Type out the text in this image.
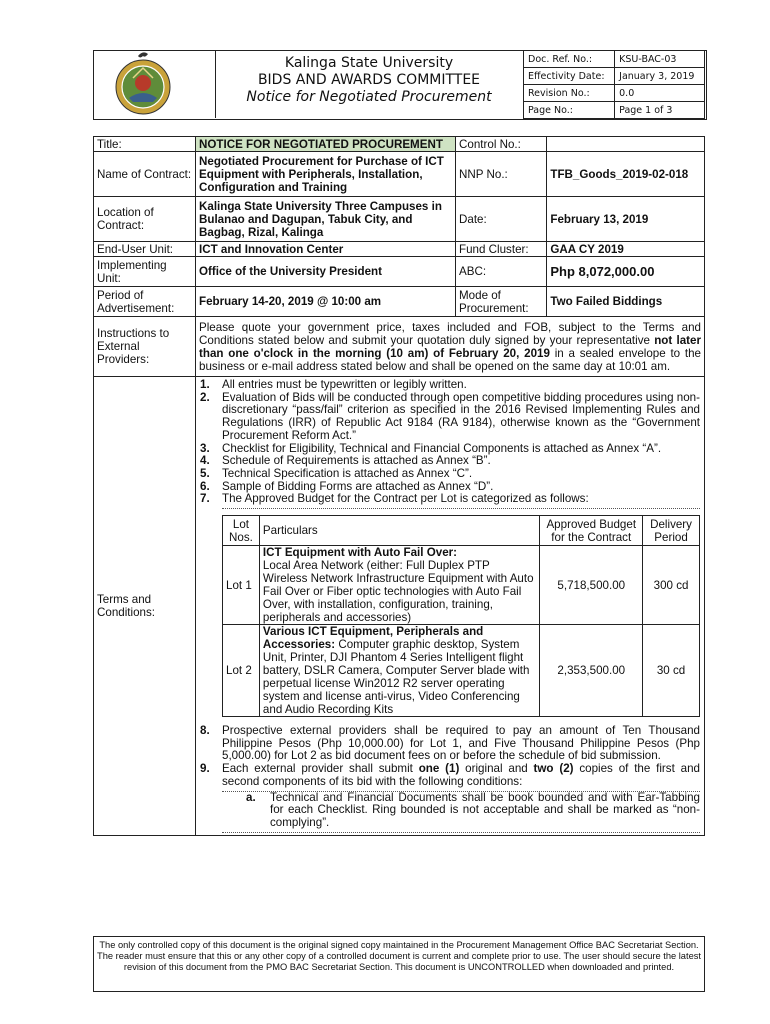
Kalinga State University
BIDS AND AWARDS COMMITTEE
Notice for Negotiated Procurement
Doc. Ref. No.:	KSU-BAC-03
Effectivity Date:	January 3, 2019
Revision No.:	0.0
Page No.:	Page 1 of 3
Title:	NOTICE FOR NEGOTIATED PROCUREMENT	Control No.:	
Name of Contract:	Negotiated Procurement for Purchase of ICT Equipment with Peripherals, Installation, Configuration and Training	NNP No.:	TFB_Goods_2019-02-018
Location of Contract:	Kalinga State University Three Campuses in Bulanao and Dagupan, Tabuk City, and Bagbag, Rizal, Kalinga	Date:	February 13, 2019
End-User Unit:	ICT and Innovation Center	Fund Cluster:	GAA CY 2019
Implementing Unit:	Office of the University President	ABC:	Php 8,072,000.00
Period of Advertisement:	February 14-20, 2019 @ 10:00 am	Mode of Procurement:	Two Failed Biddings
Instructions to External Providers:	Please quote your government price, taxes included and FOB, subject to the Terms and Conditions stated below and submit your quotation duly signed by your representative not later than one o'clock in the morning (10 am) of February 20, 2019 in a sealed envelope to the business or e-mail address stated below and shall be opened on the same day at 10:01 am.
Terms and Conditions:	
1. All entries must be typewritten or legibly written.
2. Evaluation of Bids will be conducted through open competitive bidding procedures using non-discretionary “pass/fail” criterion as specified in the 2016 Revised Implementing Rules and Regulations (IRR) of Republic Act 9184 (RA 9184), otherwise known as the “Government Procurement Reform Act.”
3. Checklist for Eligibility, Technical and Financial Components is attached as Annex “A”.
4. Schedule of Requirements is attached as Annex “B”.
5. Technical Specification is attached as Annex “C”.
6. Sample of Bidding Forms are attached as Annex “D”.
7. The Approved Budget for the Contract per Lot is categorized as follows:
Lot Nos.	Particulars	Approved Budget for the Contract	Delivery Period
Lot 1	ICT Equipment with Auto Fail Over:
Local Area Network (either: Full Duplex PTP Wireless Network Infrastructure Equipment with Auto Fail Over or Fiber optic technologies with Auto Fail Over, with installation, configuration, training, peripherals and accessories)	5,718,500.00	300 cd
Lot 2	Various ICT Equipment, Peripherals and Accessories: Computer graphic desktop, System Unit, Printer, DJI Phantom 4 Series Intelligent flight battery, DSLR Camera, Computer Server blade with perpetual license Win2012 R2 server operating system and license anti-virus, Video Conferencing and Audio Recording Kits	2,353,500.00	30 cd
8. Prospective external providers shall be required to pay an amount of Ten Thousand Philippine Pesos (Php 10,000.00) for Lot 1, and Five Thousand Philippine Pesos (Php 5,000.00) for Lot 2 as bid document fees on or before the schedule of bid submission.
9. Each external provider shall submit one (1) original and two (2) copies of the first and second components of its bid with the following conditions:
a. Technical and Financial Documents shall be book bounded and with Ear-Tabbing for each Checklist. Ring bounded is not acceptable and shall be marked as “non-complying”.
The only controlled copy of this document is the original signed copy maintained in the Procurement Management Office BAC Secretariat Section. The reader must ensure that this or any other copy of a controlled document is current and complete prior to use. The user should secure the latest revision of this document from the PMO BAC Secretariat Section. This document is UNCONTROLLED when downloaded and printed.
